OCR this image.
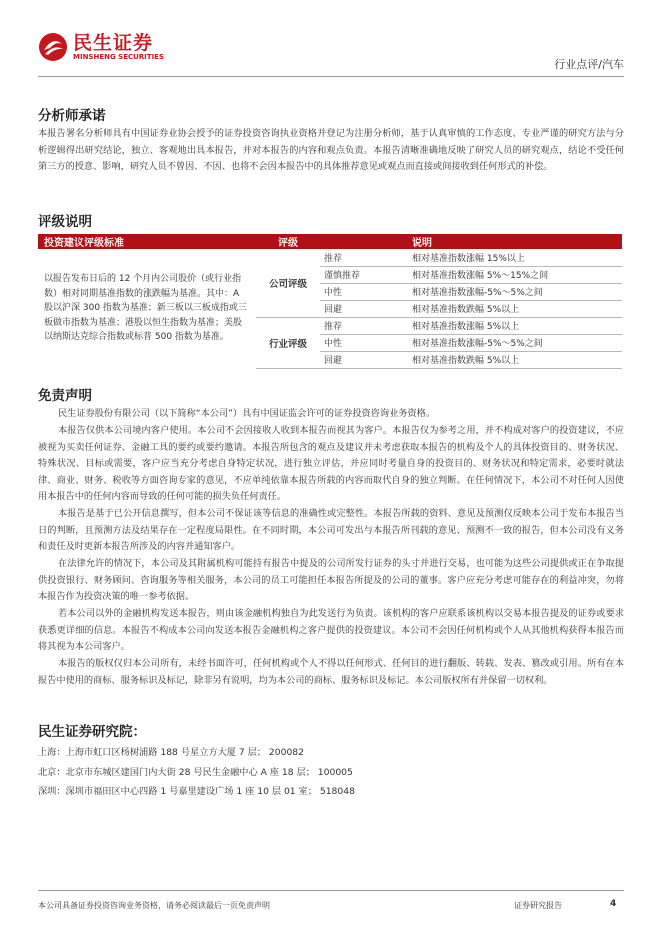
民生证券
MINSHENG SECURITIES
行业点评/汽车
分析师承诺
本报告署名分析师具有中国证券业协会授予的证券投资咨询执业资格并登记为注册分析师，基于认真审慎的工作态度、专业严谨的研究方法与分析逻辑得出研究结论，独立、客观地出具本报告，并对本报告的内容和观点负责。本报告清晰准确地反映了研究人员的研究观点，结论不受任何第三方的授意、影响，研究人员不曾因、不因、也将不会因本报告中的具体推荐意见或观点而直接或间接收到任何形式的补偿。
评级说明
投资建议评级标准	评级		说明
以报告发布日后的 12 个月内公司股价（或行业指数）相对同期基准指数的涨跌幅为基准。其中：A 股以沪深 300 指数为基准；新三板以三板成指或三板做市指数为基准；港股以恒生指数为基准；美股以纳斯达克综合指数或标普 500 指数为基准。	公司评级	推荐	相对基准指数涨幅 15%以上
		谨慎推荐	相对基准指数涨幅 5%～15%之间
		中性	相对基准指数涨幅-5%～5%之间
		回避	相对基准指数跌幅 5%以上
	行业评级	推荐	相对基准指数涨幅 5%以上
		中性	相对基准指数涨幅-5%～5%之间
		回避	相对基准指数跌幅 5%以上
免责声明
民生证券股份有限公司（以下简称“本公司”）具有中国证监会许可的证券投资咨询业务资格。
本报告仅供本公司境内客户使用。本公司不会因接收人收到本报告而视其为客户。本报告仅为参考之用，并不构成对客户的投资建议，不应被视为买卖任何证券、金融工具的要约或要约邀请。本报告所包含的观点及建议并未考虑获取本报告的机构及个人的具体投资目的、财务状况、特殊状况、目标或需要，客户应当充分考虑自身特定状况，进行独立评估，并应同时考量自身的投资目的、财务状况和特定需求，必要时就法律、商业、财务、税收等方面咨询专家的意见，不应单纯依靠本报告所载的内容而取代自身的独立判断。在任何情况下，本公司不对任何人因使用本报告中的任何内容而导致的任何可能的损失负任何责任。
本报告是基于已公开信息撰写，但本公司不保证该等信息的准确性或完整性。本报告所载的资料、意见及预测仅反映本公司于发布本报告当日的判断，且预测方法及结果存在一定程度局限性。在不同时期，本公司可发出与本报告所刊载的意见、预测不一致的报告，但本公司没有义务和责任及时更新本报告所涉及的内容并通知客户。
在法律允许的情况下，本公司及其附属机构可能持有报告中提及的公司所发行证券的头寸并进行交易，也可能为这些公司提供或正在争取提供投资银行、财务顾问、咨询服务等相关服务，本公司的员工可能担任本报告所提及的公司的董事。客户应充分考虑可能存在的利益冲突，勿将本报告作为投资决策的唯一参考依据。
若本公司以外的金融机构发送本报告，则由该金融机构独自为此发送行为负责。该机构的客户应联系该机构以交易本报告提及的证券或要求获悉更详细的信息。本报告不构成本公司向发送本报告金融机构之客户提供的投资建议。本公司不会因任何机构或个人从其他机构获得本报告而将其视为本公司客户。
本报告的版权仅归本公司所有，未经书面许可，任何机构或个人不得以任何形式、任何目的进行翻版、转载、发表、篡改或引用。所有在本报告中使用的商标、服务标识及标记，除非另有说明，均为本公司的商标、服务标识及标记。本公司版权所有并保留一切权利。
民生证券研究院：
上海：上海市虹口区杨树浦路 188 号星立方大厦 7 层； 200082
北京：北京市东城区建国门内大街 28 号民生金融中心 A 座 18 层； 100005
深圳：深圳市福田区中心四路 1 号嘉里建设广场 1 座 10 层 01 室； 518048
本公司具备证券投资咨询业务资格，请务必阅读最后一页免责声明	证券研究报告	4
